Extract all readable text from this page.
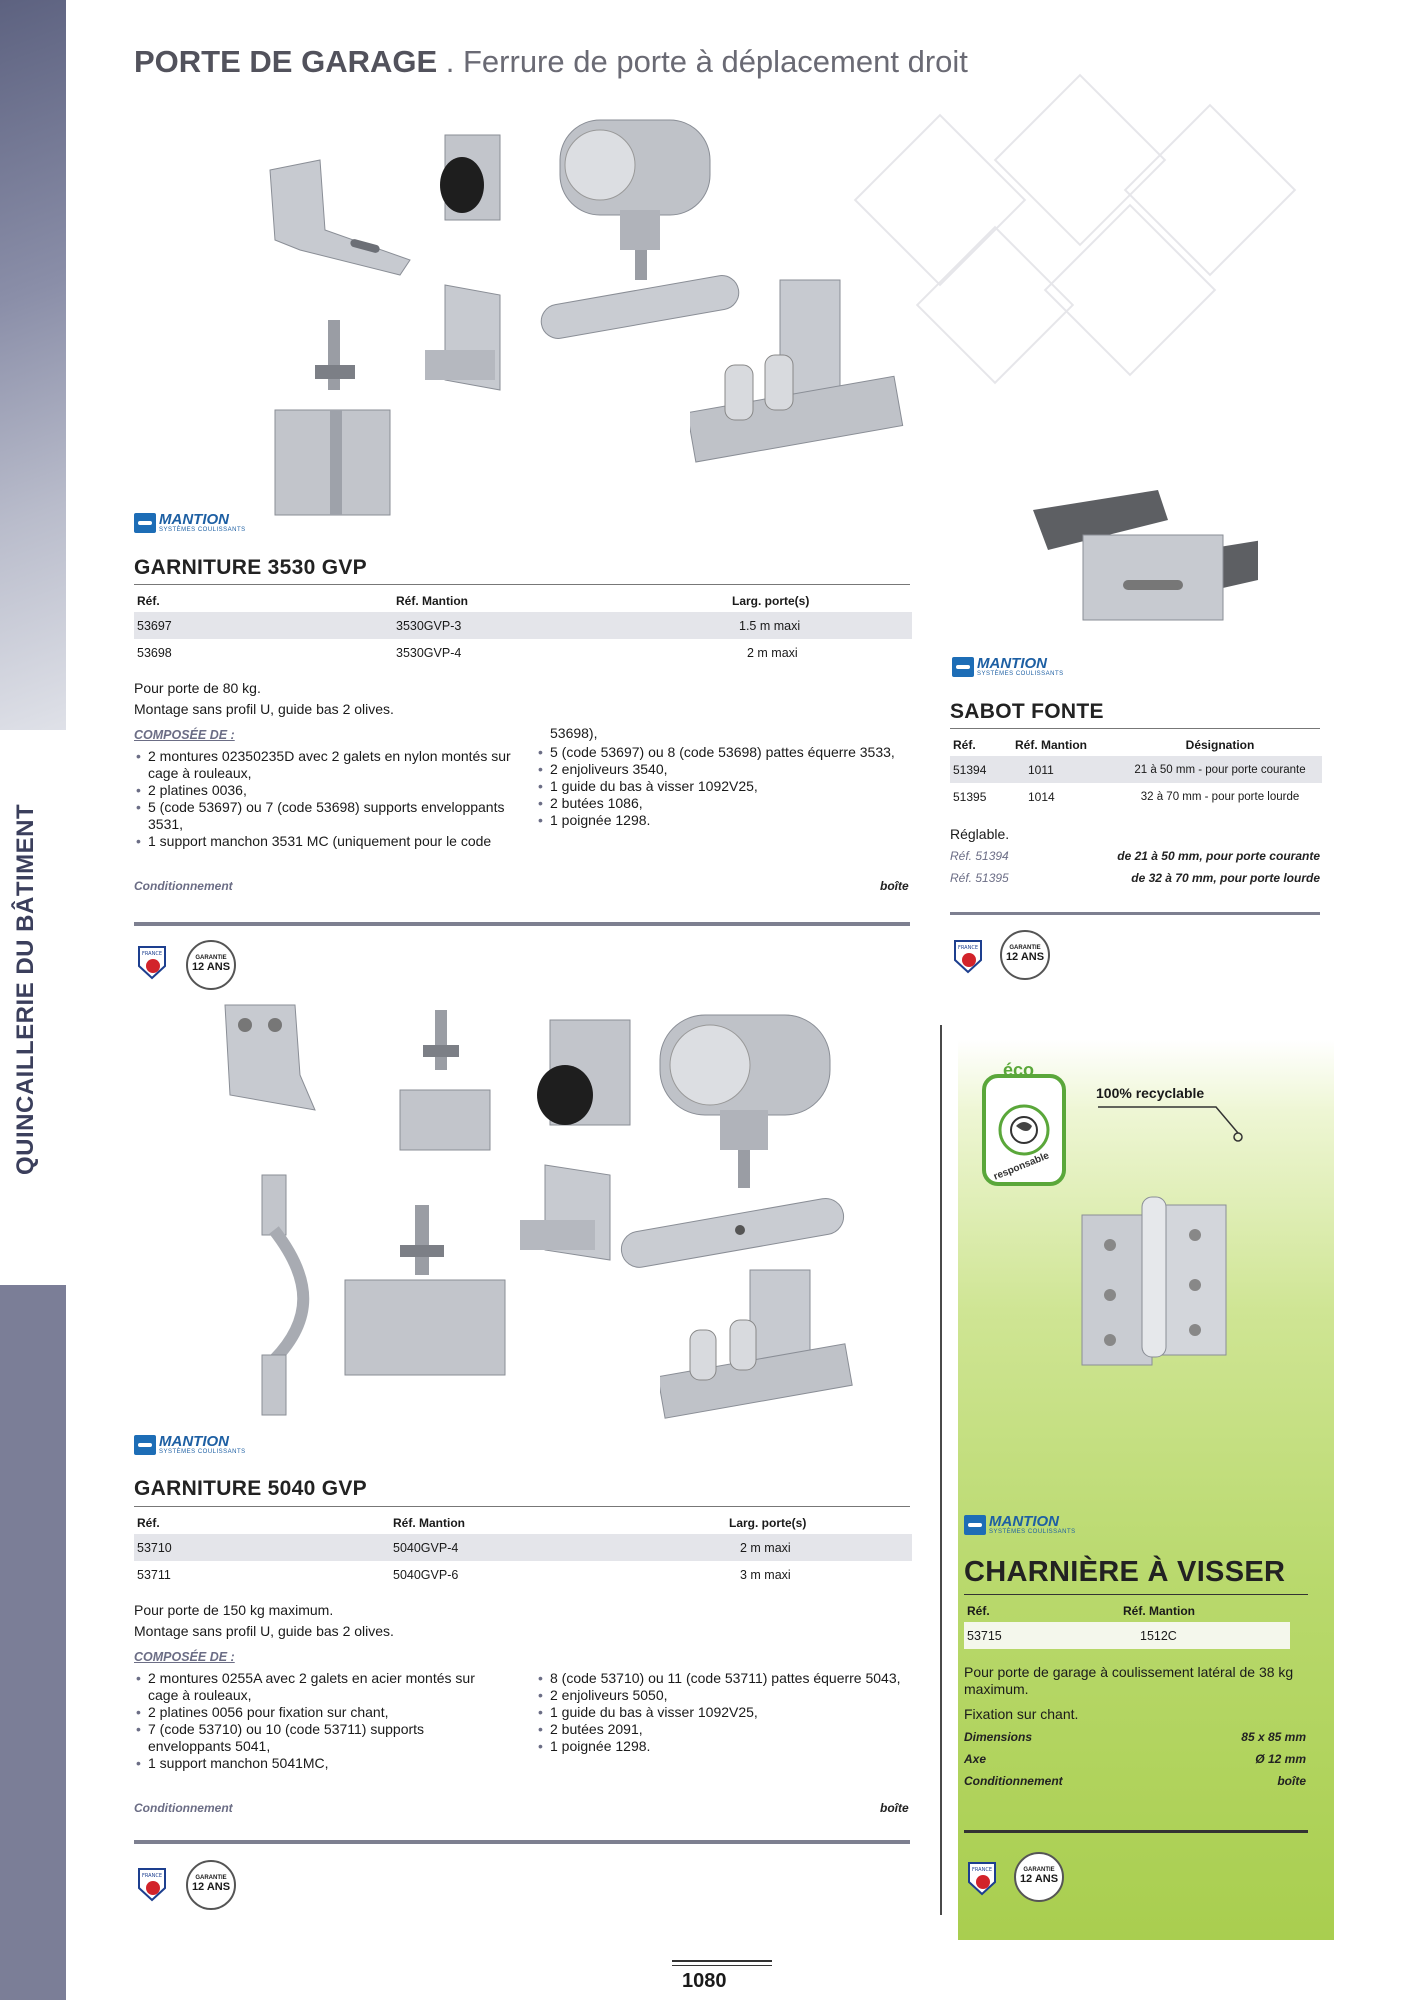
QUINCAILLERIE DU BÂTIMENT
PORTE DE GARAGE . Ferrure de porte à déplacement droit
MANTION
SYSTÈMES COULISSANTS
GARNITURE 3530 GVP
Réf.	Réf. Mantion	Larg. porte(s)
53697	3530GVP-3	1.5 m maxi
53698	3530GVP-4	2 m maxi
Pour porte de 80 kg.
Montage sans profil U, guide bas 2 olives.
COMPOSÉE DE :
• 2 montures 02350235D avec 2 galets en nylon montés sur cage à rouleaux,
• 2 platines 0036,
• 5 (code 53697) ou 7 (code 53698) supports enveloppants 3531,
• 1 support manchon 3531 MC (uniquement pour le code
53698),
• 5 (code 53697) ou 8 (code 53698) pattes équerre 3533,
• 2 enjoliveurs 3540,
• 1 guide du bas à visser 1092V25,
• 2 butées 1086,
• 1 poignée 1298.
Conditionnement	boîte
FRANCE
GARANTIE
12 ANS
MANTION
SYSTÈMES COULISSANTS
SABOT FONTE
Réf.	Réf. Mantion	Désignation
51394	1011	21 à 50 mm - pour porte courante
51395	1014	32 à 70 mm - pour porte lourde
Réglable.
Réf. 51394	de 21 à 50 mm, pour porte courante
Réf. 51395	de 32 à 70 mm, pour porte lourde
FRANCE	GARANTIE
12 ANS
MANTION
SYSTÈMES COULISSANTS
GARNITURE 5040 GVP
Réf.	Réf. Mantion	Larg. porte(s)
53710	5040GVP-4	2 m maxi
53711	5040GVP-6	3 m maxi
Pour porte de 150 kg maximum.
Montage sans profil U, guide bas 2 olives.
COMPOSÉE DE :
• 2 montures 0255A avec 2 galets en acier montés sur cage à rouleaux,
• 2 platines 0056 pour fixation sur chant,
• 7 (code 53710) ou 10 (code 53711) supports enveloppants 5041,
• 1 support manchon 5041MC,
• 8 (code 53710) ou 11 (code 53711) pattes équerre 5043,
• 2 enjoliveurs 5050,
• 1 guide du bas à visser 1092V25,
• 2 butées 2091,
• 1 poignée 1298.
Conditionnement	boîte
FRANCE	GARANTIE
12 ANS
éco
responsable
100% recyclable
MANTION
SYSTÈMES COULISSANTS
CHARNIÈRE À VISSER
Réf.	Réf. Mantion
53715	1512C
Pour porte de garage à coulissement latéral de 38 kg maximum.
Fixation sur chant.
Dimensions	85 x 85 mm
Axe	Ø 12 mm
Conditionnement	boîte
FRANCE	GARANTIE
12 ANS
1080
